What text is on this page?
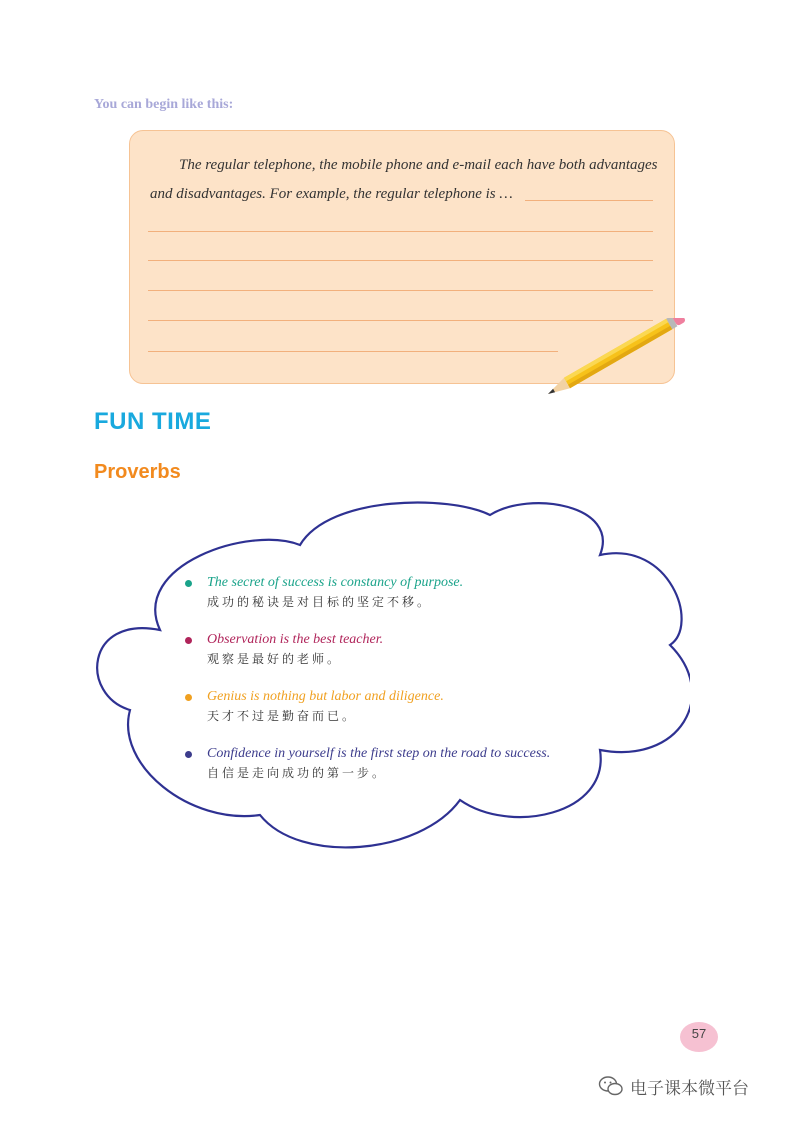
You can begin like this:

The regular telephone, the mobile phone and e-mail each have both advantages and disadvantages. For example, the regular telephone is …

FUN TIME
Proverbs
The secret of success is constancy of purpose.
成功的秘诀是对目标的坚定不移。
Observation is the best teacher.
观察是最好的老师。
Genius is nothing but labor and diligence.
天才不过是勤奋而已。
Confidence in yourself is the first step on the road to success.
自信是走向成功的第一步。
57
电子课本微平台
